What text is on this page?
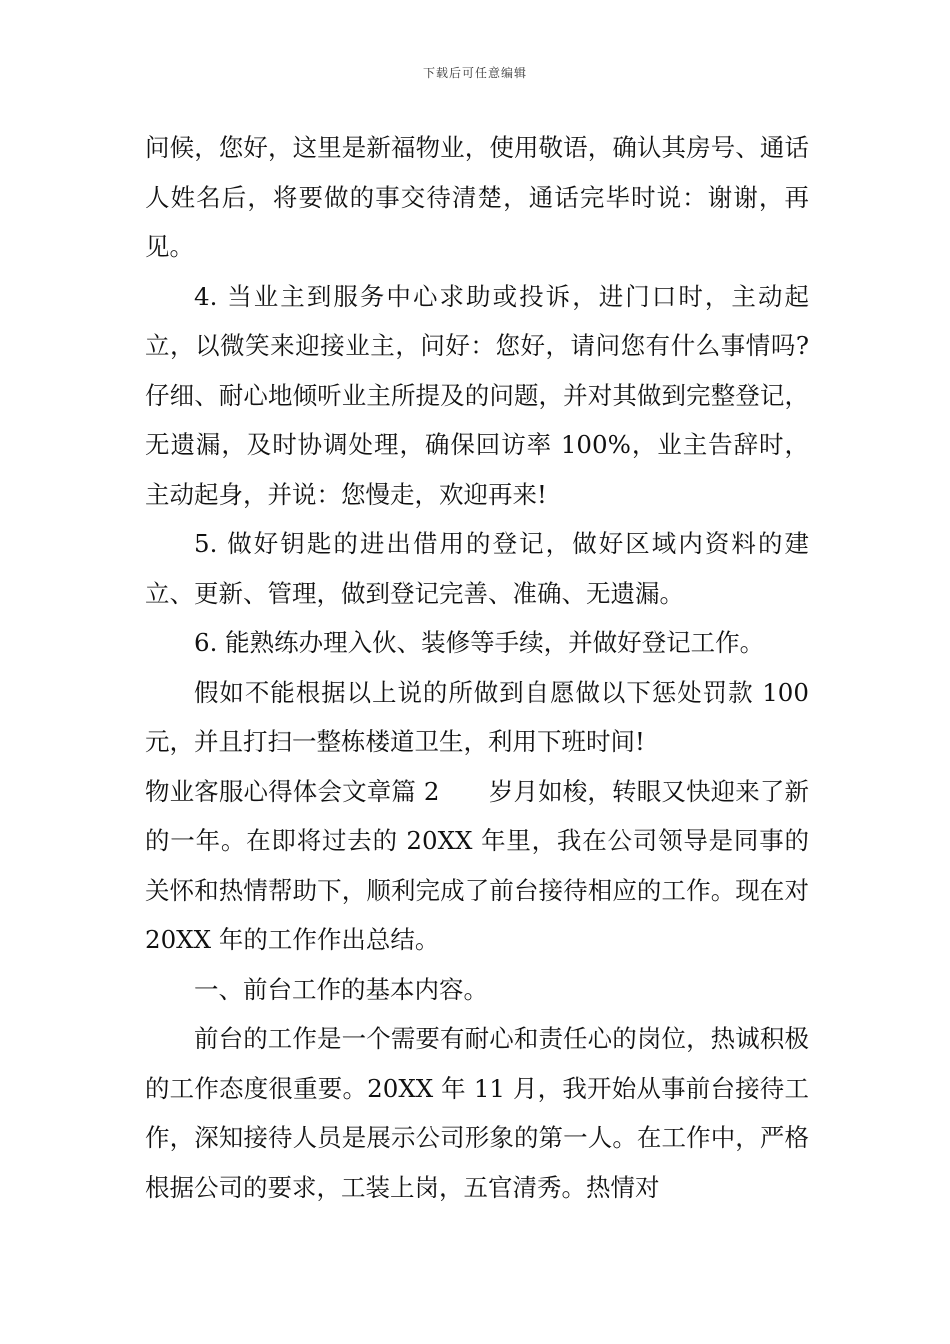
下载后可任意编辑

问候，您好，这里是新福物业，使用敬语，确认其房号、通话人姓名后，将要做的事交待清楚，通话完毕时说：谢谢，再见。

4. 当业主到服务中心求助或投诉，进门口时，主动起立，以微笑来迎接业主，问好：您好，请问您有什么事情吗?仔细、耐心地倾听业主所提及的问题，并对其做到完整登记，无遗漏，及时协调处理，确保回访率 100%，业主告辞时，主动起身，并说：您慢走，欢迎再来!

5. 做好钥匙的进出借用的登记，做好区域内资料的建立、更新、管理，做到登记完善、准确、无遗漏。

6. 能熟练办理入伙、装修等手续，并做好登记工作。

假如不能根据以上说的所做到自愿做以下惩处罚款 100 元，并且打扫一整栋楼道卫生，利用下班时间!

物业客服心得体会文章篇 2　　岁月如梭，转眼又快迎来了新的一年。在即将过去的 20XX 年里，我在公司领导是同事的关怀和热情帮助下，顺利完成了前台接待相应的工作。现在对 20XX 年的工作作出总结。

一、前台工作的基本内容。

前台的工作是一个需要有耐心和责任心的岗位，热诚积极的工作态度很重要。20XX 年 11 月，我开始从事前台接待工作，深知接待人员是展示公司形象的第一人。在工作中，严格根据公司的要求，工装上岗，五官清秀。热情对
